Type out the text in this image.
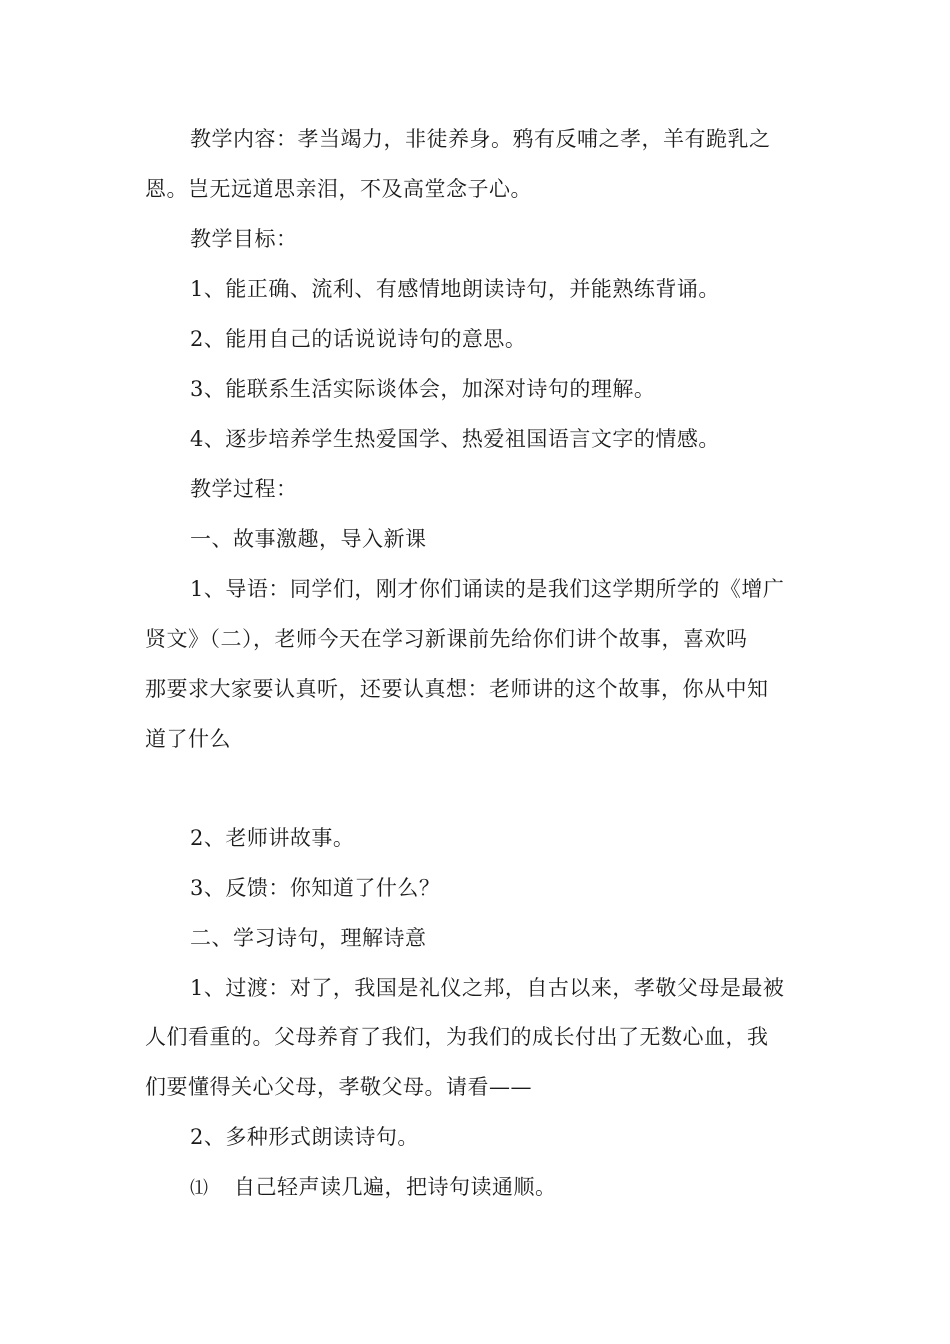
教学内容：孝当竭力，非徒养身。鸦有反哺之孝，羊有跪乳之
恩。岂无远道思亲泪，不及高堂念子心。
教学目标：
1、能正确、流利、有感情地朗读诗句，并能熟练背诵。
2、能用自己的话说说诗句的意思。
3、能联系生活实际谈体会，加深对诗句的理解。
4、逐步培养学生热爱国学、热爱祖国语言文字的情感。
教学过程：
一、故事激趣，导入新课
1、导语：同学们，刚才你们诵读的是我们这学期所学的《增广
贤文》（二），老师今天在学习新课前先给你们讲个故事，喜欢吗
那要求大家要认真听，还要认真想：老师讲的这个故事，你从中知
道了什么
2、老师讲故事。
3、反馈：你知道了什么？
二、学习诗句，理解诗意
1、过渡：对了，我国是礼仪之邦，自古以来，孝敬父母是最被
人们看重的。父母养育了我们，为我们的成长付出了无数心血，我
们要懂得关心父母，孝敬父母。请看——
2、多种形式朗读诗句。
⑴ 自己轻声读几遍，把诗句读通顺。
